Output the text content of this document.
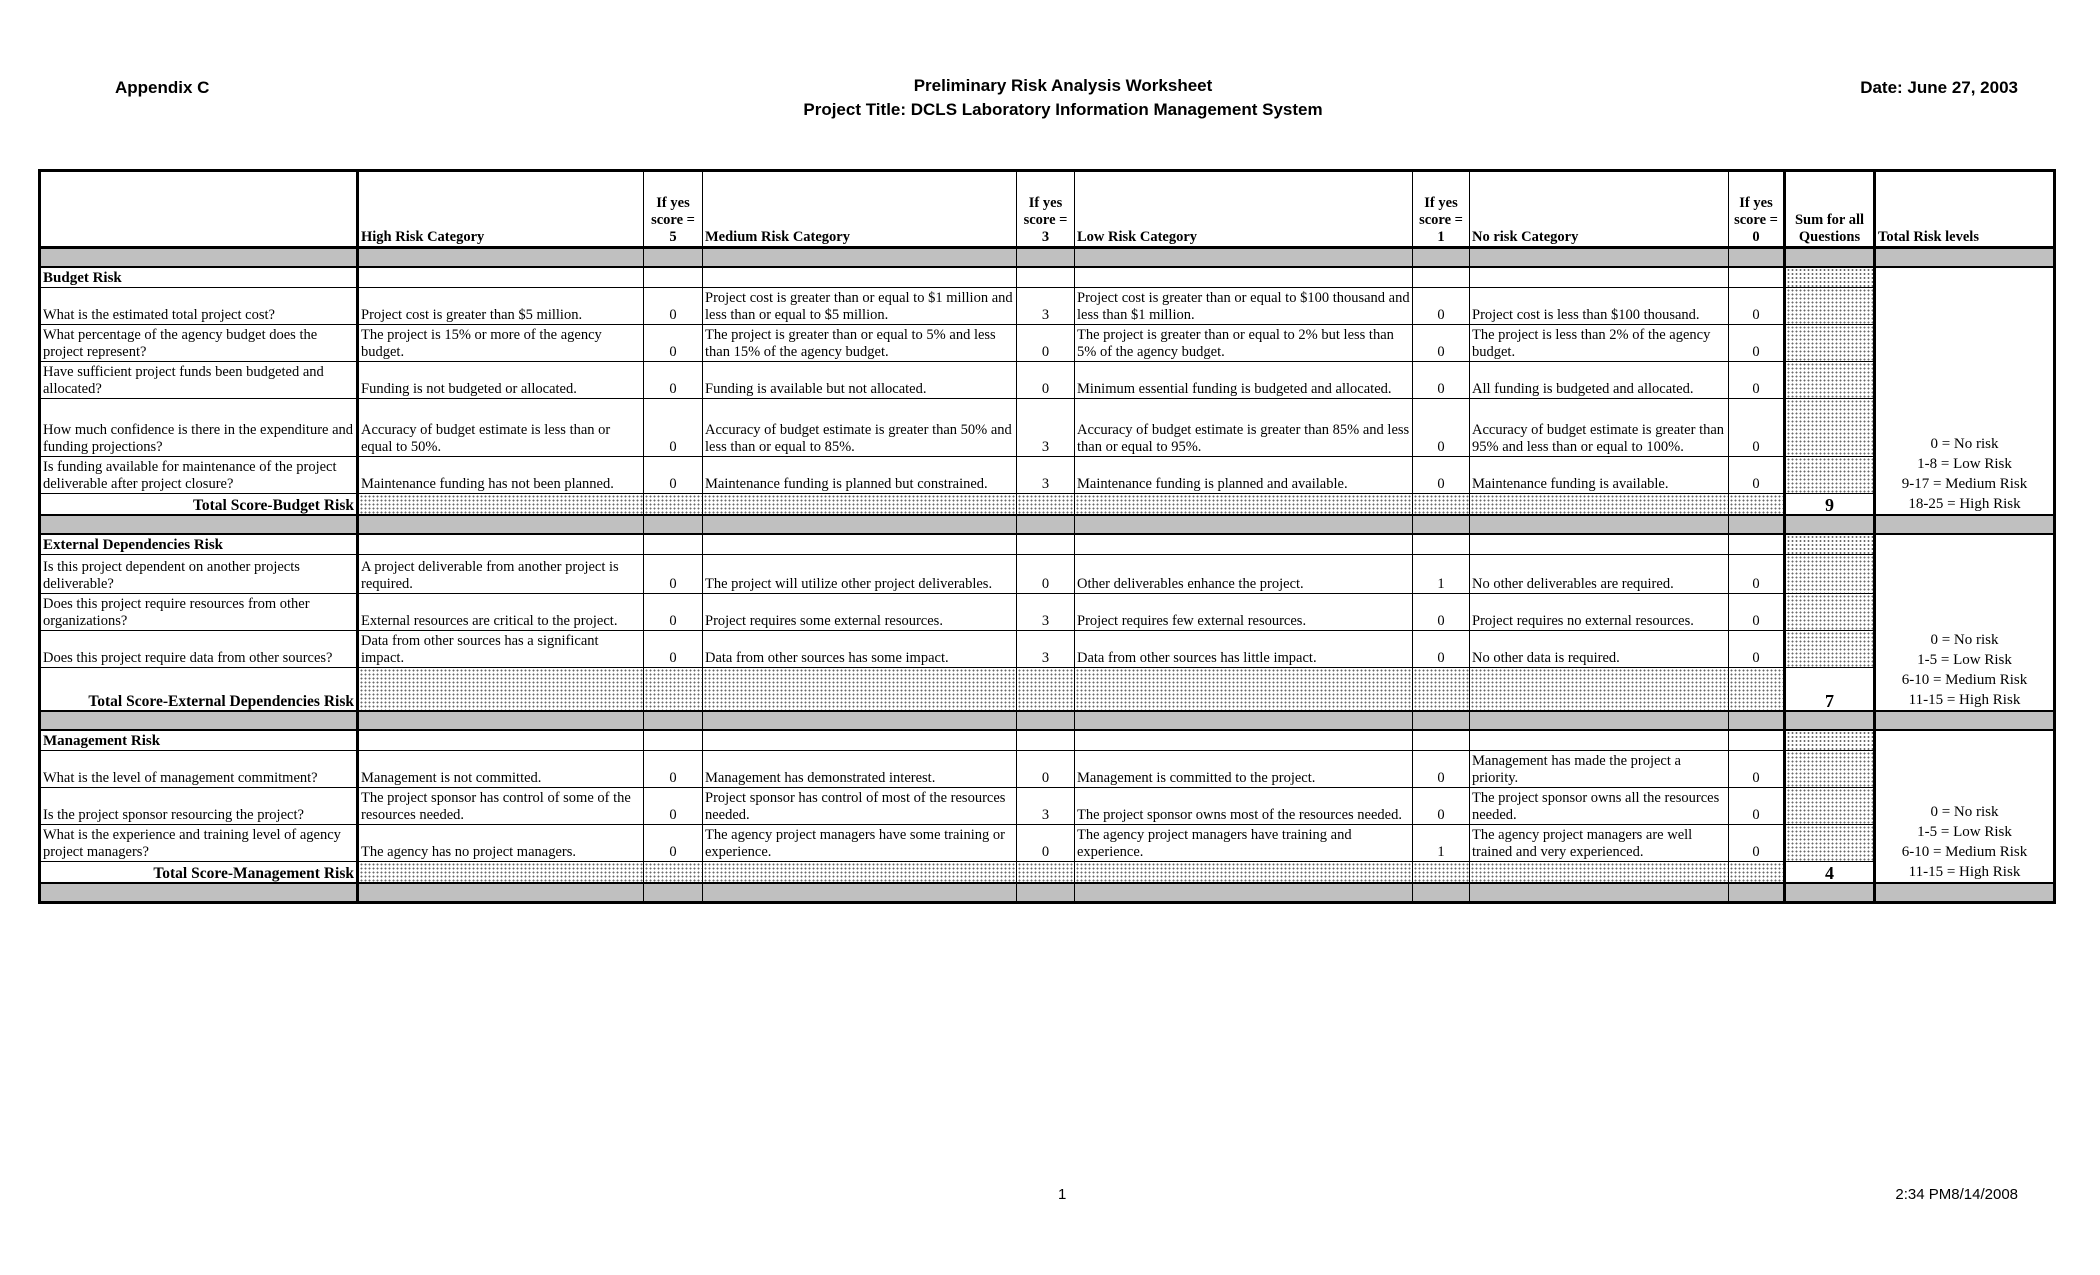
Appendix C	Preliminary Risk Analysis Worksheet
Project Title: DCLS Laboratory Information Management System
Date: June 27, 2003
	High Risk Category	If yes
score =
5	Medium Risk Category	If yes
score =
3	Low Risk Category	If yes
score =
1	No risk Category	If yes
score =
0	Sum for all
Questions	Total Risk levels

Budget Risk										0 = No risk
1-8 = Low Risk
9-17 = Medium Risk
18-25 = High Risk
What is the estimated total project cost?	Project cost is greater than $5 million.	0	Project cost is greater than or equal to $1 million and less than or equal to $5 million.	3	Project cost is greater than or equal to $100 thousand and less than $1 million.	0	Project cost is less than $100 thousand.	0		
What percentage of the agency budget does the project represent?	The project is 15% or more of the agency budget.	0	The project is greater than or equal to 5% and less than 15% of the agency budget.	0	The project is greater than or equal to 2% but less than 5% of the agency budget.	0	The project is less than 2% of the agency budget.	0		
Have sufficient project funds been budgeted and allocated?	Funding is not budgeted or allocated.	0	Funding is available but not allocated.	0	Minimum essential funding is budgeted and allocated.	0	All funding is budgeted and allocated.	0		
How much confidence is there in the expenditure and funding projections?	Accuracy of budget estimate is less than or equal to 50%.	0	Accuracy of budget estimate is greater than 50% and less than or equal to 85%.	3	Accuracy of budget estimate is greater than 85% and less than or equal to 95%.	0	Accuracy of budget estimate is greater than 95% and less than or equal to 100%.	0		
Is funding available for maintenance of the project deliverable after project closure?	Maintenance funding has not been planned.	0	Maintenance funding is planned but constrained.	3	Maintenance funding is planned and available.	0	Maintenance funding is available.	0		
Total Score-Budget Risk									9	

External Dependencies Risk										0 = No risk
1-5 = Low Risk
6-10 = Medium Risk
11-15 = High Risk
Is this project dependent on another projects deliverable?	A project deliverable from another project is required.	0	The project will utilize other project deliverables.	0	Other deliverables enhance the project.	1	No other deliverables are required.	0		
Does this project require resources from other organizations?	External resources are critical to the project.	0	Project requires some external resources.	3	Project requires few external resources.	0	Project requires no external resources.	0		
Does this project require data from other sources?	Data from other sources has a significant impact.	0	Data from other sources has some impact.	3	Data from other sources has little impact.	0	No other data is required.	0		
Total Score-External Dependencies Risk									7	

Management Risk										0 = No risk
1-5 = Low Risk
6-10 = Medium Risk
11-15 = High Risk
What is the level of management commitment?	Management is not committed.	0	Management has demonstrated interest.	0	Management is committed to the project.	0	Management has made the project a priority.	0		
Is the project sponsor resourcing the project?	The project sponsor has control of some of the resources needed.	0	Project sponsor has control of most of the resources needed.	3	The project sponsor owns most of the resources needed.	0	The project sponsor owns all the resources needed.	0		
What is the experience and training level of agency project managers?	The agency has no project managers.	0	The agency project managers have some training or experience.	0	The agency project managers have training and experience.	1	The agency project managers are well trained and very experienced.	0		
Total Score-Management Risk									4	

1	2:34 PM8/14/2008
